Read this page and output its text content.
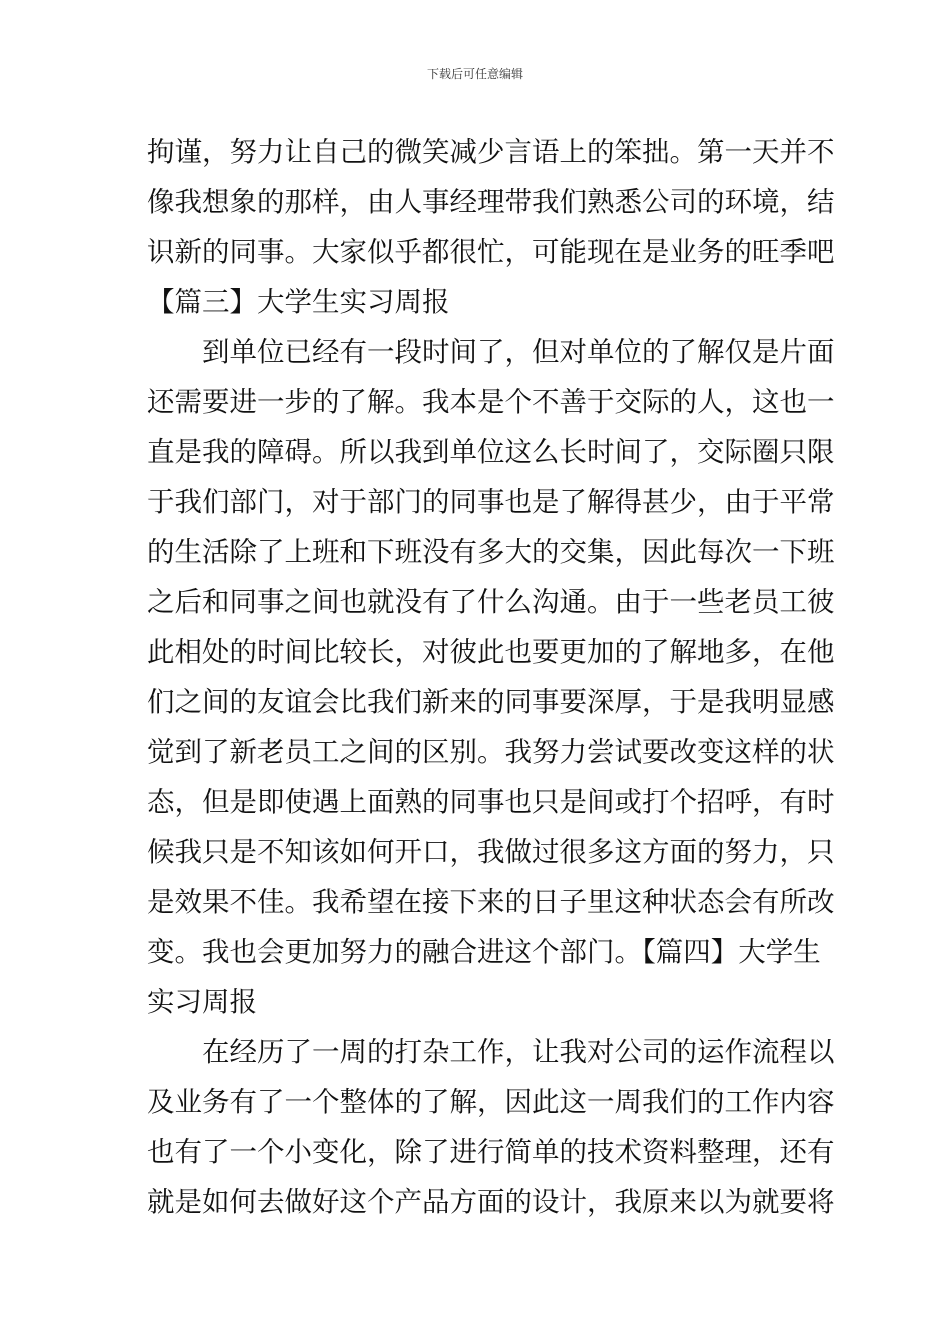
下载后可任意编辑
拘谨，努力让自己的微笑减少言语上的笨拙。第一天并不
像我想象的那样，由人事经理带我们熟悉公司的环境，结
识新的同事。大家似乎都很忙，可能现在是业务的旺季吧
【篇三】大学生实习周报
到单位已经有一段时间了，但对单位的了解仅是片面
还需要进一步的了解。我本是个不善于交际的人，这也一
直是我的障碍。所以我到单位这么长时间了，交际圈只限
于我们部门，对于部门的同事也是了解得甚少，由于平常
的生活除了上班和下班没有多大的交集，因此每次一下班
之后和同事之间也就没有了什么沟通。由于一些老员工彼
此相处的时间比较长，对彼此也要更加的了解地多，在他
们之间的友谊会比我们新来的同事要深厚，于是我明显感
觉到了新老员工之间的区别。我努力尝试要改变这样的状
态，但是即使遇上面熟的同事也只是间或打个招呼，有时
候我只是不知该如何开口，我做过很多这方面的努力，只
是效果不佳。我希望在接下来的日子里这种状态会有所改
变。我也会更加努力的融合进这个部门。【篇四】大学生
实习周报
在经历了一周的打杂工作，让我对公司的运作流程以
及业务有了一个整体的了解，因此这一周我们的工作内容
也有了一个小变化，除了进行简单的技术资料整理，还有
就是如何去做好这个产品方面的设计，我原来以为就要将
